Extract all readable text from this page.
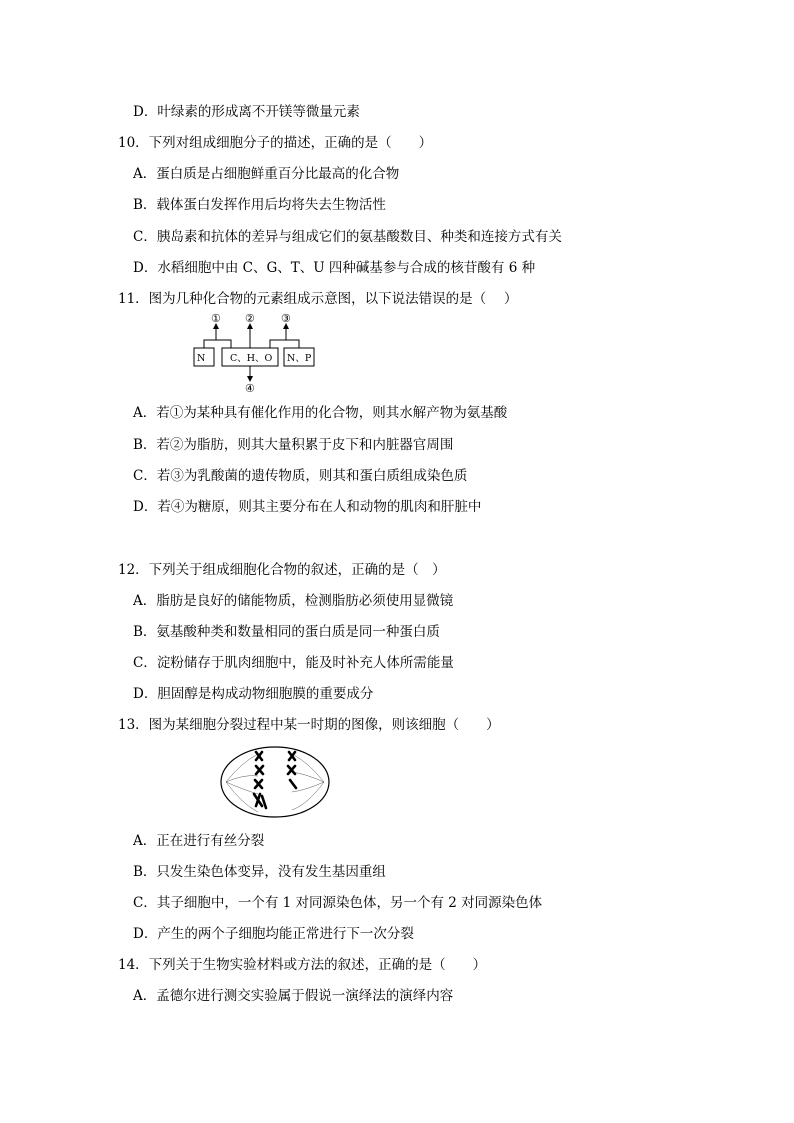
D．叶绿素的形成离不开镁等微量元素
10．下列对组成细胞分子的描述，正确的是（　　）
A．蛋白质是占细胞鲜重百分比最高的化合物
B．载体蛋白发挥作用后均将失去生物活性
C．胰岛素和抗体的差异与组成它们的氨基酸数目、种类和连接方式有关
D．水稻细胞中由 C、G、T、U 四种碱基参与合成的核苷酸有 6 种
11．图为几种化合物的元素组成示意图，以下说法错误的是（　 ）
N	C、H、O N、P
① ② ③
④
A．若①为某种具有催化作用的化合物，则其水解产物为氨基酸
B．若②为脂肪，则其大量积累于皮下和内脏器官周围
C．若③为乳酸菌的遗传物质，则其和蛋白质组成染色质
D．若④为糖原，则其主要分布在人和动物的肌肉和肝脏中
12．下列关于组成细胞化合物的叙述，正确的是（　）
A．脂肪是良好的储能物质，检测脂肪必须使用显微镜
B．氨基酸种类和数量相同的蛋白质是同一种蛋白质
C．淀粉储存于肌肉细胞中，能及时补充人体所需能量
D．胆固醇是构成动物细胞膜的重要成分
13．图为某细胞分裂过程中某一时期的图像，则该细胞（　　）
A．正在进行有丝分裂
B．只发生染色体变异，没有发生基因重组
C．其子细胞中，一个有 1 对同源染色体，另一个有 2 对同源染色体
D．产生的两个子细胞均能正常进行下一次分裂
14．下列关于生物实验材料或方法的叙述，正确的是（　　）
A．孟德尔进行测交实验属于假说一演绎法的演绎内容
